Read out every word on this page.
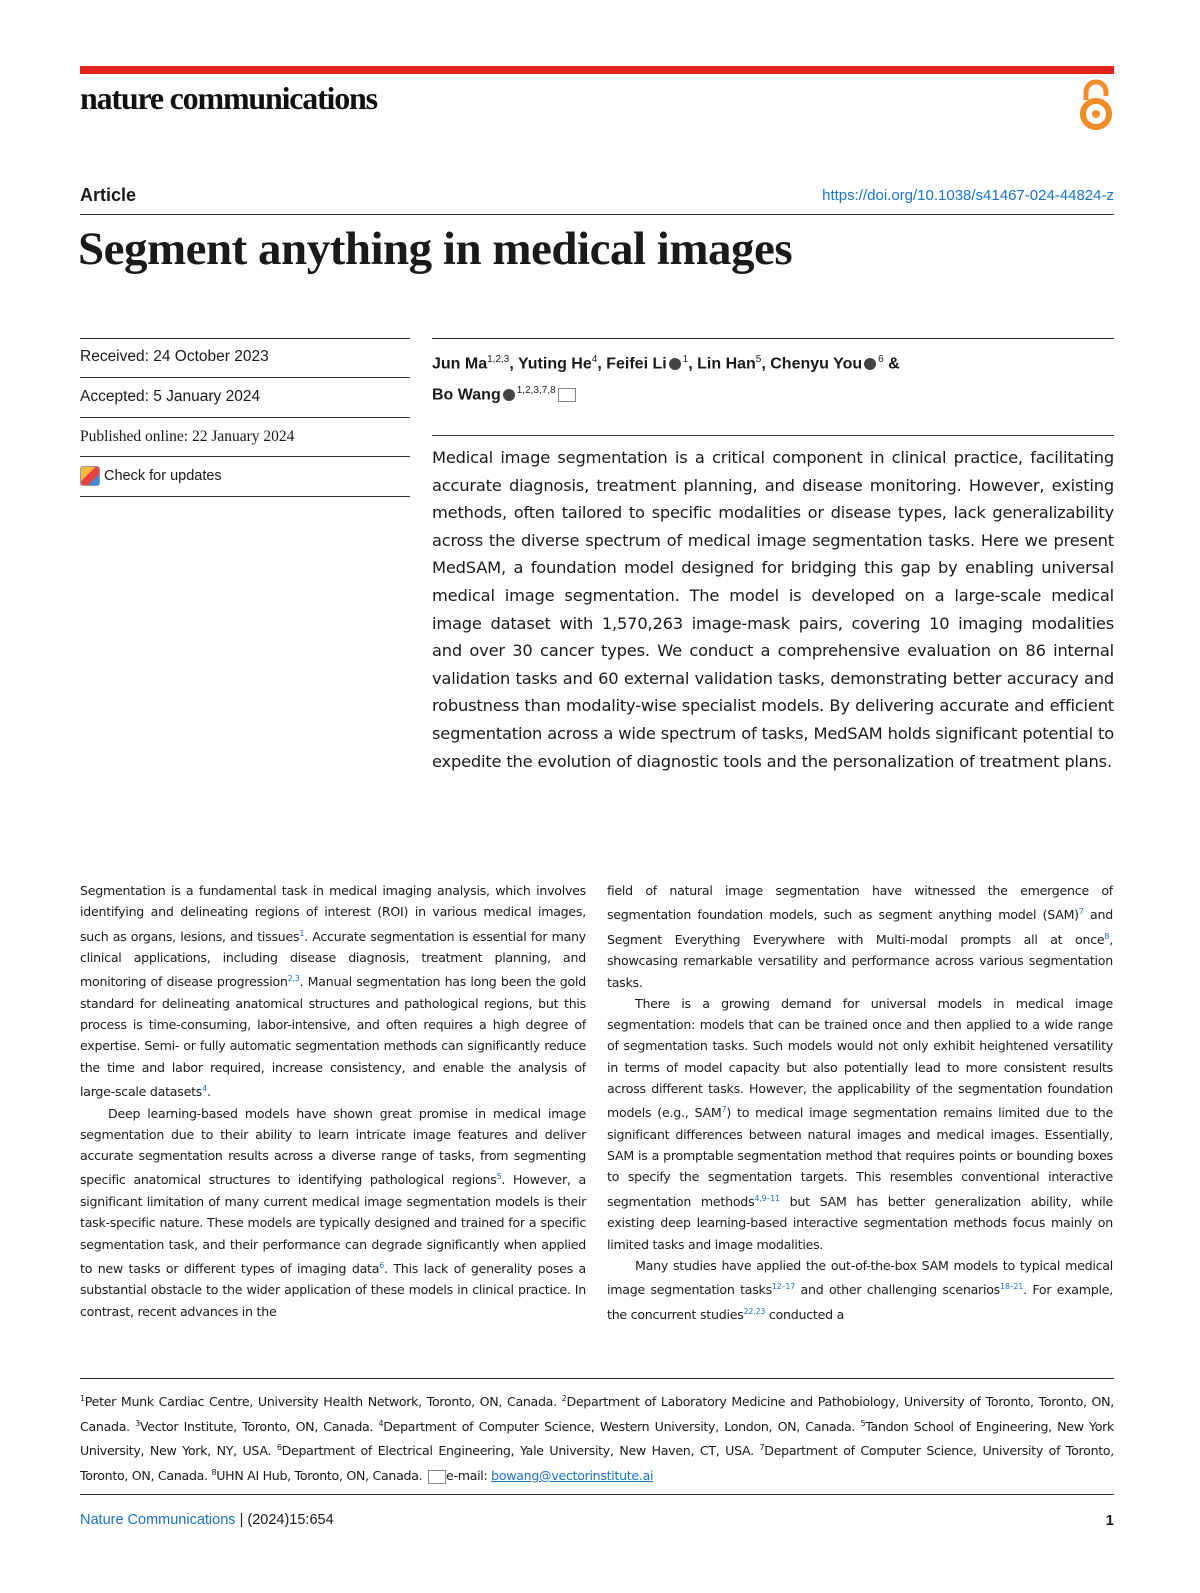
nature communications
Article	https://doi.org/10.1038/s41467-024-44824-z
Segment anything in medical images
Received: 24 October 2023
Accepted: 5 January 2024
Published online: 22 January 2024
Check for updates
Jun Ma$^{1,2,3}$, Yuting He$^4$, Feifei Li $^1$, Lin Han$^5$, Chenyu You $^6$ &
Bo Wang $^{1,2,3,7,8}$
Medical image segmentation is a critical component in clinical practice, facilitating accurate diagnosis, treatment planning, and disease monitoring. However, existing methods, often tailored to specific modalities or disease types, lack generalizability across the diverse spectrum of medical image segmentation tasks. Here we present MedSAM, a foundation model designed for bridging this gap by enabling universal medical image segmentation. The model is developed on a large-scale medical image dataset with 1,570,263 image-mask pairs, covering 10 imaging modalities and over 30 cancer types. We conduct a comprehensive evaluation on 86 internal validation tasks and 60 external validation tasks, demonstrating better accuracy and robustness than modality-wise specialist models. By delivering accurate and efficient segmentation across a wide spectrum of tasks, MedSAM holds significant potential to expedite the evolution of diagnostic tools and the personalization of treatment plans.

Segmentation is a fundamental task in medical imaging analysis, which involves identifying and delineating regions of interest (ROI) in various medical images, such as organs, lesions, and tissues$^1$. Accurate segmentation is essential for many clinical applications, including disease diagnosis, treatment planning, and monitoring of disease progression$^{2,3}$. Manual segmentation has long been the gold standard for delineating anatomical structures and pathological regions, but this process is time-consuming, labor-intensive, and often requires a high degree of expertise. Semi- or fully automatic segmentation methods can significantly reduce the time and labor required, increase consistency, and enable the analysis of large-scale datasets$^4$.

Deep learning-based models have shown great promise in medical image segmentation due to their ability to learn intricate image features and deliver accurate segmentation results across a diverse range of tasks, from segmenting specific anatomical structures to identifying pathological regions$^5$. However, a significant limitation of many current medical image segmentation models is their task-specific nature. These models are typically designed and trained for a specific segmentation task, and their performance can degrade significantly when applied to new tasks or different types of imaging data$^6$. This lack of generality poses a substantial obstacle to the wider application of these models in clinical practice. In contrast, recent advances in the

field of natural image segmentation have witnessed the emergence of segmentation foundation models, such as segment anything model (SAM)$^7$ and Segment Everything Everywhere with Multi-modal prompts all at once$^8$, showcasing remarkable versatility and performance across various segmentation tasks.

There is a growing demand for universal models in medical image segmentation: models that can be trained once and then applied to a wide range of segmentation tasks. Such models would not only exhibit heightened versatility in terms of model capacity but also potentially lead to more consistent results across different tasks. However, the applicability of the segmentation foundation models (e.g., SAM$^7$) to medical image segmentation remains limited due to the significant differences between natural images and medical images. Essentially, SAM is a promptable segmentation method that requires points or bounding boxes to specify the segmentation targets. This resembles conventional interactive segmentation methods$^{4,9-11}$ but SAM has better generalization ability, while existing deep learning-based interactive segmentation methods focus mainly on limited tasks and image modalities.

Many studies have applied the out-of-the-box SAM models to typical medical image segmentation tasks$^{12-17}$ and other challenging scenarios$^{18-21}$. For example, the concurrent studies$^{22,23}$ conducted a

$^1$Peter Munk Cardiac Centre, University Health Network, Toronto, ON, Canada. $^2$Department of Laboratory Medicine and Pathobiology, University of Toronto, Toronto, ON, Canada. $^3$Vector Institute, Toronto, ON, Canada. $^4$Department of Computer Science, Western University, London, ON, Canada. $^5$Tandon School of Engineering, New York University, New York, NY, USA. $^6$Department of Electrical Engineering, Yale University, New Haven, CT, USA. $^7$Department of Computer Science, University of Toronto, Toronto, ON, Canada. $^8$UHN AI Hub, Toronto, ON, Canada. e-mail: bowang@vectorinstitute.ai
Nature Communications | (2024)15:654	1
